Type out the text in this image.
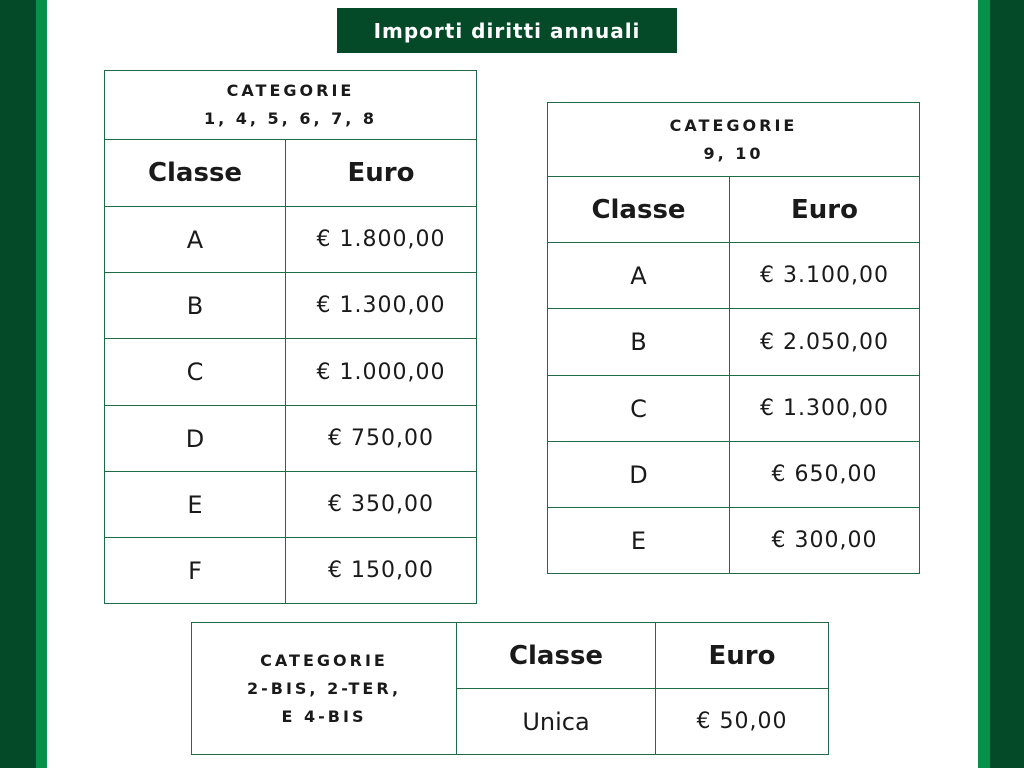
Importi diritti annuali
CATEGORIE
1, 4, 5, 6, 7, 8	

Classe	Euro
A	€ 1.800,00
B	€ 1.300,00
C	€ 1.000,00
D	€ 750,00
E	€ 350,00
F	€ 150,00
CATEGORIE
9, 10	

Classe	Euro
A	€ 3.100,00
B	€ 2.050,00
C	€ 1.300,00
D	€ 650,00
E	€ 300,00
CATEGORIE
2-BIS, 2-TER,
E 4-BIS	Classe	Euro
	Unica	€ 50,00
